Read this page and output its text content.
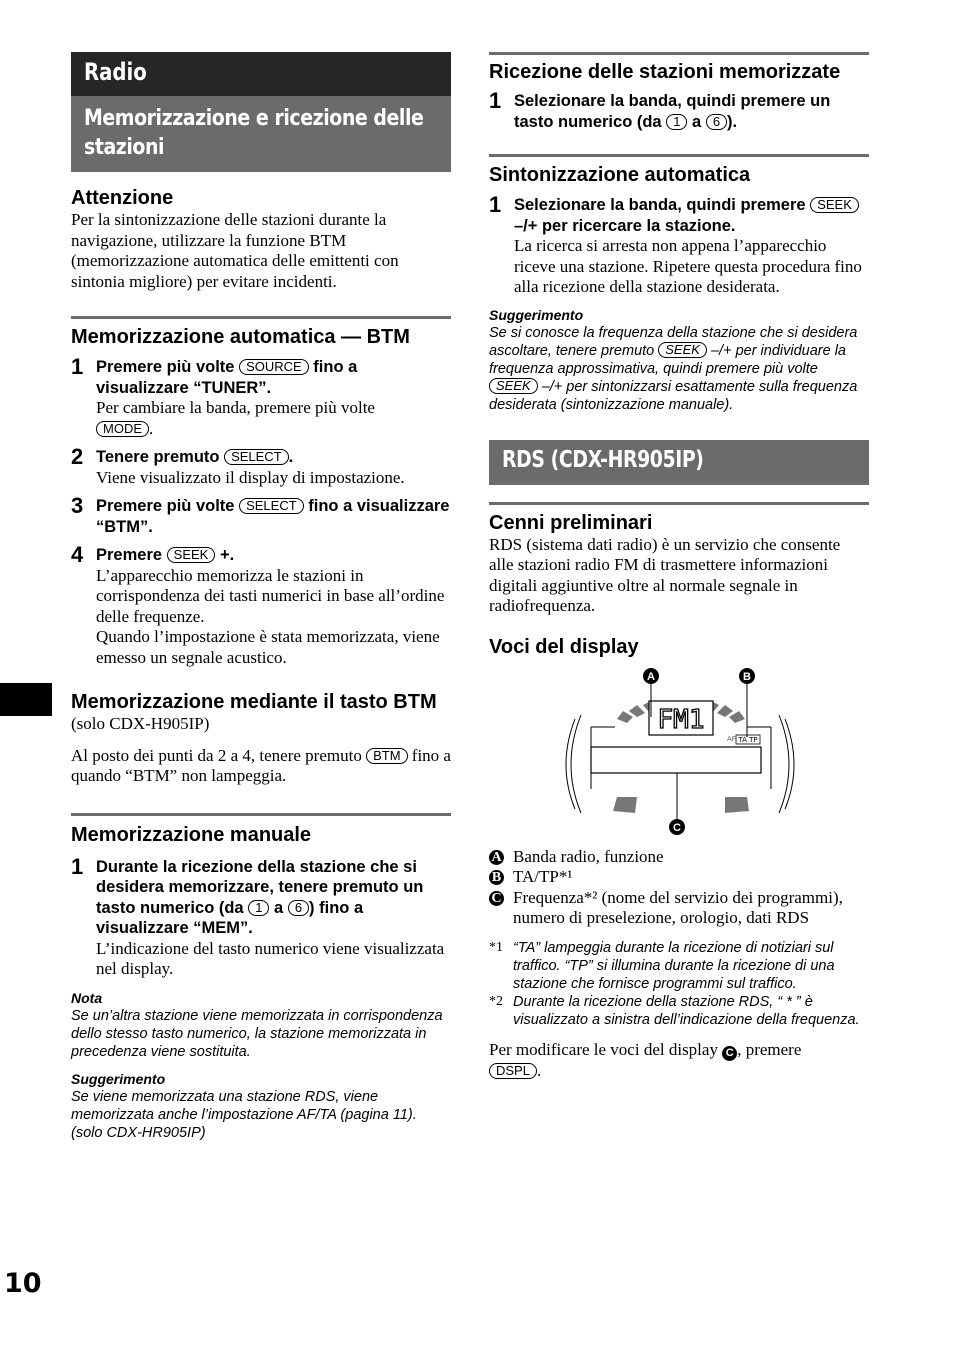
Radio
Memorizzazione e ricezione delle stazioni
Attenzione
Per la sintonizzazione delle stazioni durante la navigazione, utilizzare la funzione BTM (memorizzazione automatica delle emittenti con sintonia migliore) per evitare incidenti.
Memorizzazione automatica — BTM
1 Premere più volte SOURCE fino a visualizzare “TUNER”.
Per cambiare la banda, premere più volte
MODE .
2 Tenere premuto SELECT .
Viene visualizzato il display di impostazione.
3 Premere più volte SELECT fino a visualizzare “BTM”.
4 Premere SEEK +.
L’apparecchio memorizza le stazioni in corrispondenza dei tasti numerici in base all’ordine delle frequenze.
Quando l’impostazione è stata memorizzata, viene emesso un segnale acustico.
Memorizzazione mediante il tasto BTM
(solo CDX-H905IP)
Al posto dei punti da 2 a 4, tenere premuto BTM fino a quando “BTM” non lampeggia.
Memorizzazione manuale
1 Durante la ricezione della stazione che si desidera memorizzare, tenere premuto un tasto numerico (da 1 a 6 ) fino a visualizzare “MEM”.
L’indicazione del tasto numerico viene visualizzata nel display.
Nota
Se un’altra stazione viene memorizzata in corrispondenza dello stesso tasto numerico, la stazione memorizzata in precedenza viene sostituita.
Suggerimento
Se viene memorizzata una stazione RDS, viene memorizzata anche l’impostazione AF/TA (pagina 11). (solo CDX-HR905IP)
Ricezione delle stazioni memorizzate
1 Selezionare la banda, quindi premere un tasto numerico (da 1 a 6 ).
Sintonizzazione automatica
1 Selezionare la banda, quindi premere SEEK –/+ per ricercare la stazione.
La ricerca si arresta non appena l’apparecchio riceve una stazione. Ripetere questa procedura fino alla ricezione della stazione desiderata.
Suggerimento
Se si conosce la frequenza della stazione che si desidera ascoltare, tenere premuto SEEK –/+ per individuare la frequenza approssimativa, quindi premere più volte SEEK –/+ per sintonizzarsi esattamente sulla frequenza desiderata (sintonizzazione manuale).
RDS (CDX-HR905IP)
Cenni preliminari
RDS (sistema dati radio) è un servizio che consente alle stazioni radio FM di trasmettere informazioni digitali aggiuntive oltre al normale segnale in radiofrequenza.
Voci del display
FM1
AF TA TP
A	B
C
A Banda radio, funzione
B TA/TP*¹
C Frequenza*² (nome del servizio dei programmi), numero di preselezione, orologio, dati RDS
*1 “TA” lampeggia durante la ricezione di notiziari sul traffico. “TP” si illumina durante la ricezione di una stazione che fornisce programmi sul traffico.
*2 Durante la ricezione della stazione RDS, “ * ” è visualizzato a sinistra dell’indicazione della frequenza.
Per modificare le voci del display C , premere
DSPL .
10
